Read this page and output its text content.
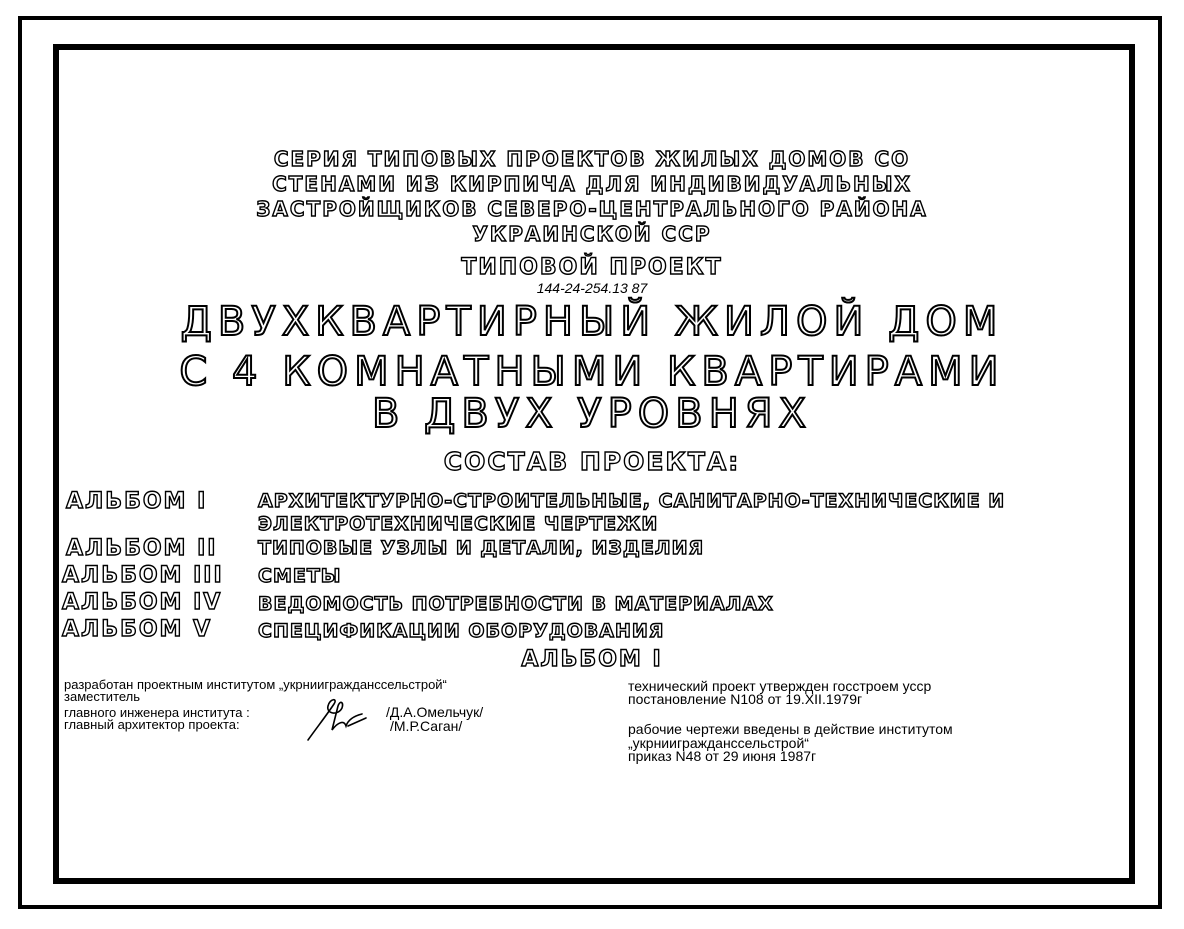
СЕРИЯ ТИПОВЫХ ПРОЕКТОВ ЖИЛЫХ ДОМОВ СО
СТЕНАМИ ИЗ КИРПИЧА ДЛЯ ИНДИВИДУАЛЬНЫХ
ЗАСТРОЙЩИКОВ СЕВЕРО-ЦЕНТРАЛЬНОГО РАЙОНА
УКРАИНСКОЙ ССР
ТИПОВОЙ ПРОЕКТ
144-24-254.13 87
ДВУХКВАРТИРНЫЙ ЖИЛОЙ ДОМ
С 4 КОМНАТНЫМИ КВАРТИРАМИ
В ДВУХ УРОВНЯХ
СОСТАВ ПРОЕКТА:
АЛЬБОМ I	АРХИТЕКТУРНО-СТРОИТЕЛЬНЫЕ, САНИТАРНО-ТЕХНИЧЕСКИЕ И
ЭЛЕКТРОТЕХНИЧЕСКИЕ ЧЕРТЕЖИ
АЛЬБОМ II ТИПОВЫЕ УЗЛЫ И ДЕТАЛИ, ИЗДЕЛИЯ
АЛЬБОМ III СМЕТЫ
АЛЬБОМ IV ВЕДОМОСТЬ ПОТРЕБНОСТИ В МАТЕРИАЛАХ
АЛЬБОМ V СПЕЦИФИКАЦИИ ОБОРУДОВАНИЯ
АЛЬБОМ I
разработан проектным институтом „укрниигражданссельстрой“
заместитель
главного инженера института :
главный архитектор проекта:
/Д.А.Омельчук/
/М.Р.Саган/
технический проект утвержден госстроем усср
постановление N108 от 19.XII.1979г
рабочие чертежи введены в действие институтом
„укрниигражданссельстрой“
приказ N48 от 29 июня 1987г
